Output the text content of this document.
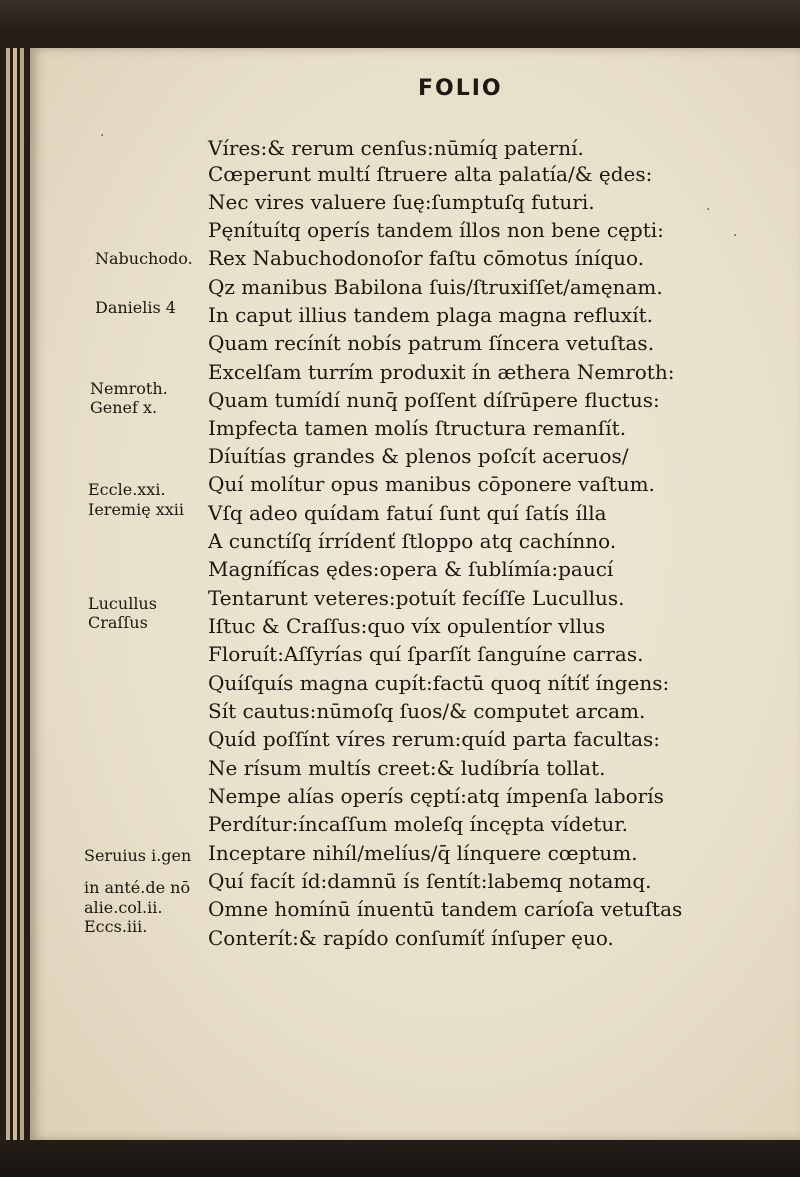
FOLIO
·
·
·
Víres:& rerum cenſus:nūmíq paterní.
Cœperunt multí ſtruere alta palatía/& ędes:
Nec vires valuere ſuę:ſumptuſq futuri.
Pęnítuítq operís tandem íllos non bene cępti:
Rex Nabuchodonoſor faſtu cōmotus íníquo.
Qz manibus Babilona ſuis/ſtruxiſſet/amęnam.
In caput illius tandem plaga magna refluxít.
Quam recínít nobís patrum ſíncera vetuſtas.
Excelſam turrím produxit ín æthera Nemroth:
Quam tumídí nunq̄ poſſent díſrūpere fluctus:
Impfecta tamen molís ſtructura remanſít.
Díuítías grandes & plenos poſcít aceruos/
Quí molítur opus manibus cōponere vaſtum.
Vſq adeo quídam fatuí ſunt quí ſatís ílla
A cunctíſq írrídenť ſtloppo atq cachínno.
Magnífícas ędes:opera & ſublímía:paucí
Tentarunt veteres:potuít fecíſſe Lucullus.
Iſtuc & Craſſus:quo víx opulentíor vllus
Floruít:Aſſyrías quí ſparſít ſanguíne carras.
Quíſquís magna cupít:factū quoq nítíť íngens:
Sít cautus:nūmoſq ſuos/& computet arcam.
Quíd poſſínt víres rerum:quíd parta facultas:
Ne rísum multís creet:& ludíbría tollat.
Nempe alías operís cęptí:atq ímpenſa laborís
Perdítur:íncaſſum moleſq íncępta vídetur.
Inceptare nihíl/melíus/q̄ línquere cœptum.
Quí facít íd:damnū ís ſentít:labemq notamq.
Omne homínū ínuentū tandem caríoſa vetuſtas
Conterít:& rapído conſumíť ínſuper ęuo.
Nabuchodo.
Danielis 4
Nemroth.
Genef x.
Eccle.xxi.
Ieremię xxii
Lucullus
Craſſus
Seruius i.gen
in anté.de nō
alie.col.ii.
Eccs.iii.
